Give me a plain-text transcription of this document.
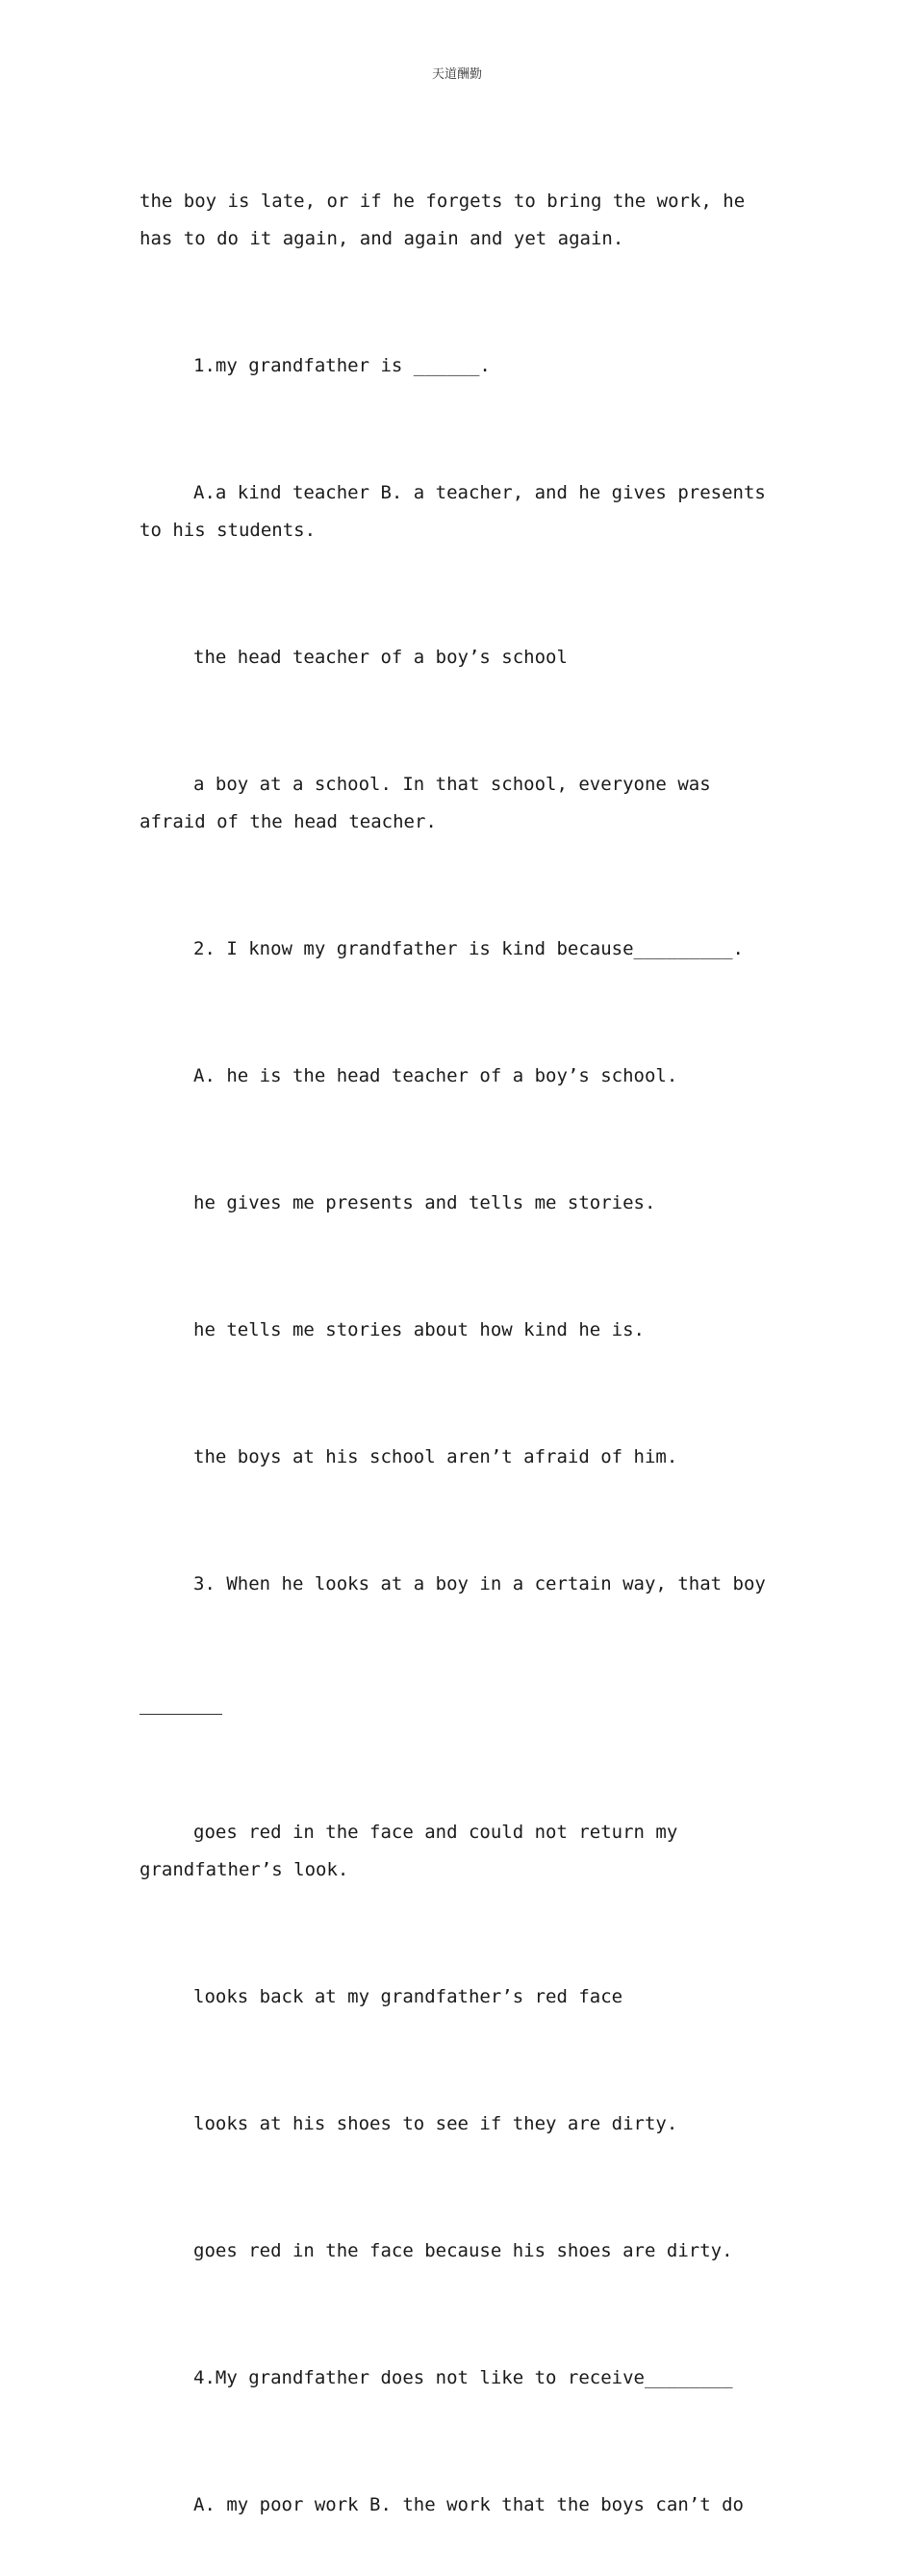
天道酬勤

the boy is late, or if he forgets to bring the work, he has to do it again, and again and yet again.

1.my grandfather is ______.

A.a kind teacher B. a teacher, and he gives presents to his students.

the head teacher of a boy’s school

a boy at a school. In that school, everyone was afraid of the head teacher.

2. I know my grandfather is kind because_________.

A. he is the head teacher of a boy’s school.

he gives me presents and tells me stories.

he tells me stories about how kind he is.

the boys at his school aren’t afraid of him.

3. When he looks at a boy in a certain way, that boy

goes red in the face and could not return my grandfather’s look.

looks back at my grandfather’s red face

looks at his shoes to see if they are dirty.

goes red in the face because his shoes are dirty.

4.My grandfather does not like to receive________

A. my poor work B. the work that the boys can’t do
